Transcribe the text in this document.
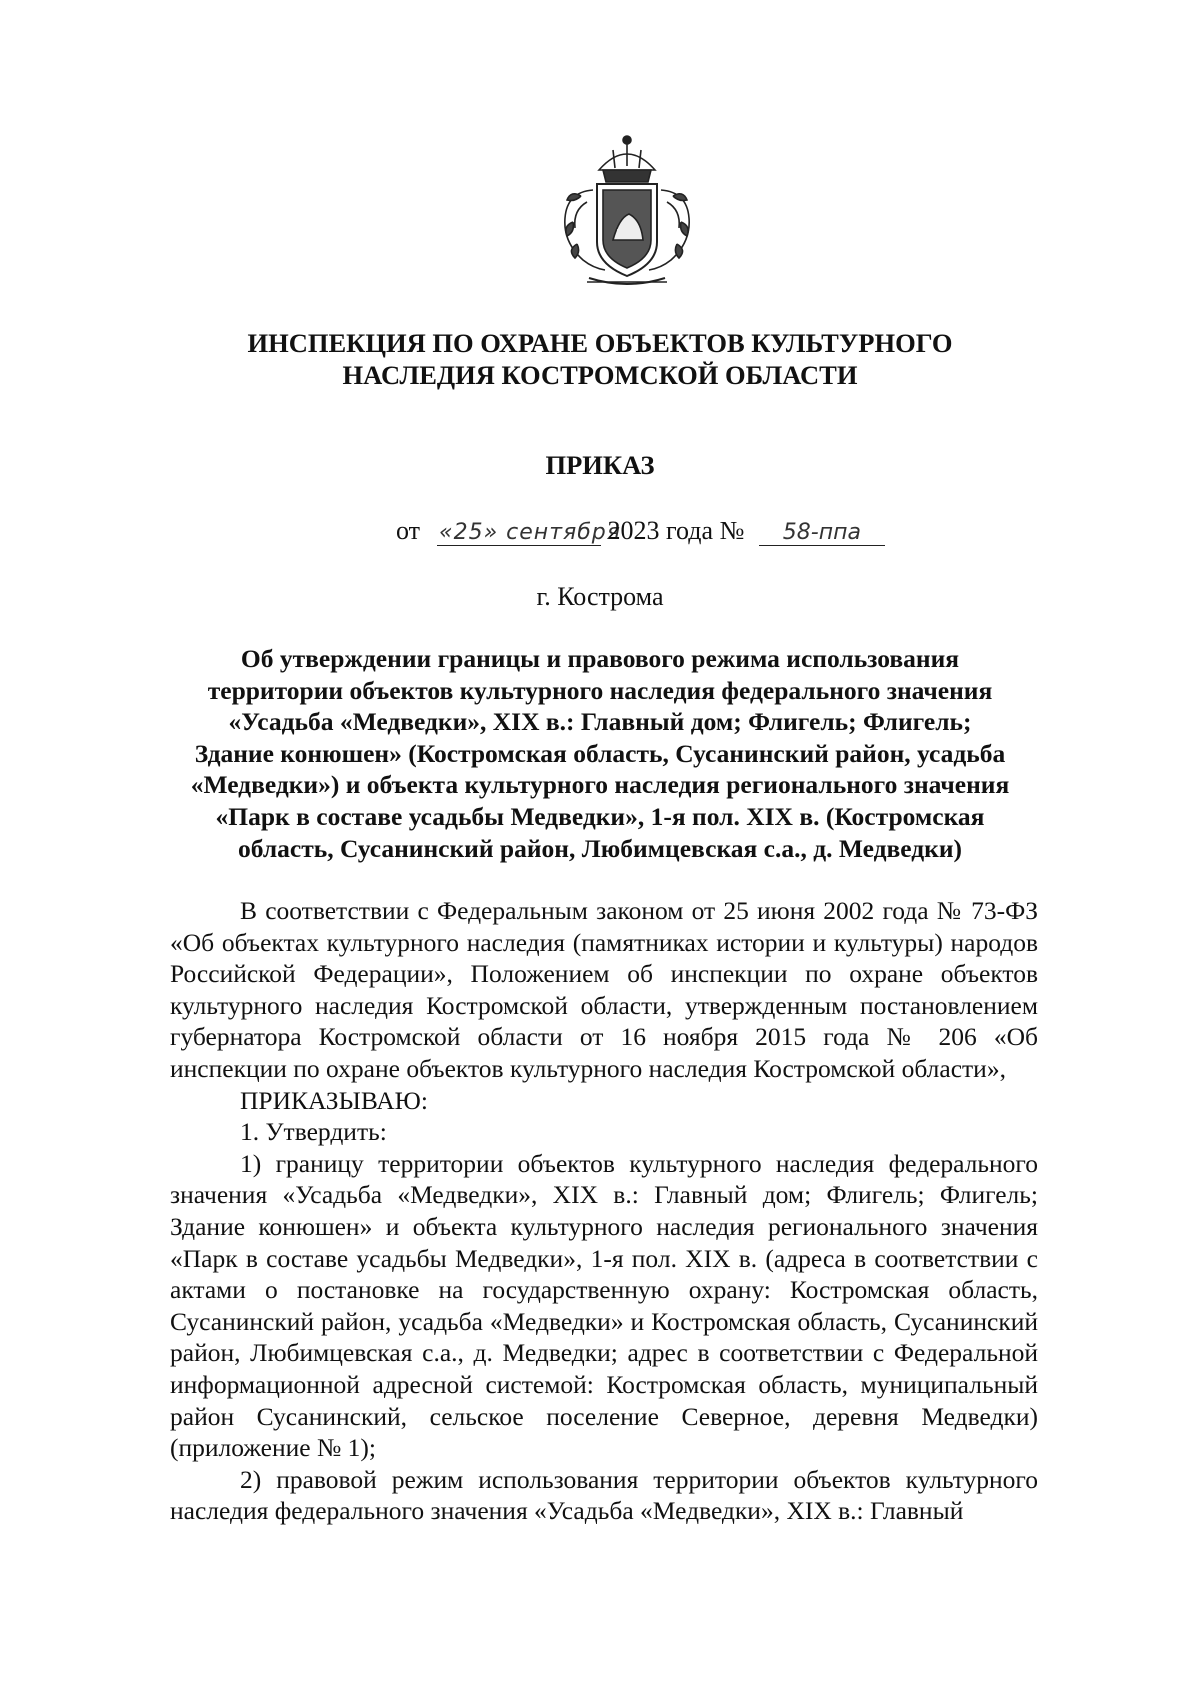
ИНСПЕКЦИЯ ПО ОХРАНЕ ОБЪЕКТОВ КУЛЬТУРНОГО
НАСЛЕДИЯ КОСТРОМСКОЙ ОБЛАСТИ
ПРИКАЗ
от «25» сентября 2023 года № 58-ппа
г. Кострома
Об утверждении границы и правового режима использования
территории объектов культурного наследия федерального значения
«Усадьба «Медведки», XIX в.: Главный дом; Флигель; Флигель;
Здание конюшен» (Костромская область, Сусанинский район, усадьба
«Медведки») и объекта культурного наследия регионального значения
«Парк в составе усадьбы Медведки», 1-я пол. XIX в. (Костромская
область, Сусанинский район, Любимцевская с.а., д. Медведки)

В соответствии с Федеральным законом от 25 июня 2002 года № 73-ФЗ «Об объектах культурного наследия (памятниках истории и культуры) народов Российской Федерации», Положением об инспекции по охране объектов культурного наследия Костромской области, утвержденным постановлением губернатора Костромской области от 16 ноября 2015 года № 206 «Об инспекции по охране объектов культурного наследия Костромской области»,

ПРИКАЗЫВАЮ:

1. Утвердить:

1) границу территории объектов культурного наследия федерального значения «Усадьба «Медведки», XIX в.: Главный дом; Флигель; Флигель; Здание конюшен» и объекта культурного наследия регионального значения «Парк в составе усадьбы Медведки», 1-я пол. XIX в. (адреса в соответствии с актами о постановке на государственную охрану: Костромская область, Сусанинский район, усадьба «Медведки» и Костромская область, Сусанинский район, Любимцевская с.а., д. Медведки; адрес в соответствии с Федеральной информационной адресной системой: Костромская область, муниципальный район Сусанинский, сельское поселение Северное, деревня Медведки) (приложение № 1);

2) правовой режим использования территории объектов культурного наследия федерального значения «Усадьба «Медведки», XIX в.: Главный
